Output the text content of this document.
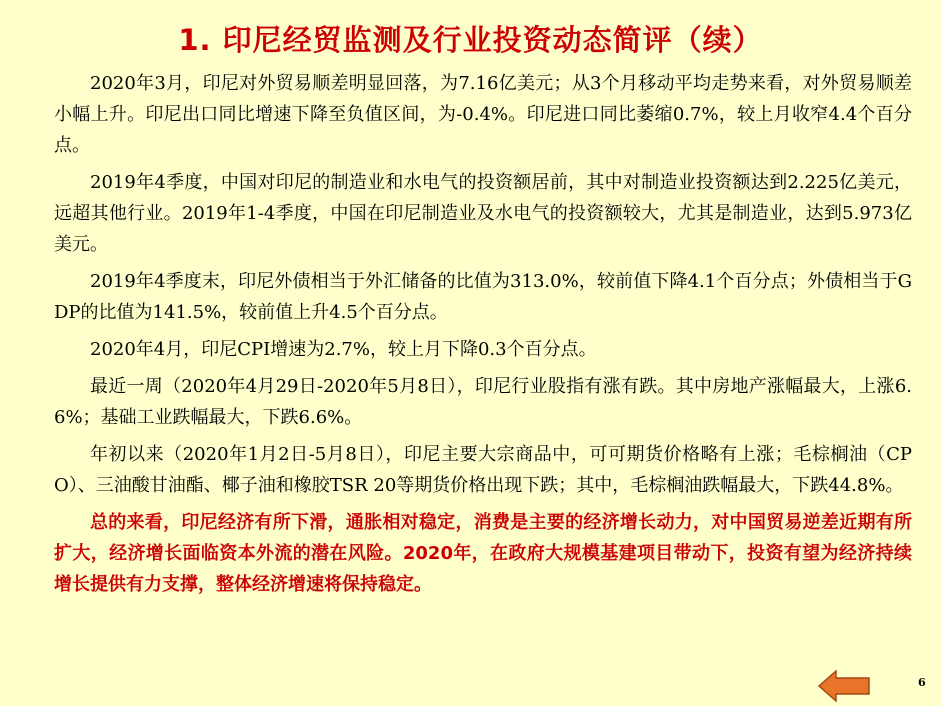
1. 印尼经贸监测及行业投资动态简评（续）

2020年3月，印尼对外贸易顺差明显回落，为7.16亿美元；从3个月移动平均走势来看，对外贸易顺差小幅上升。印尼出口同比增速下降至负值区间，为-0.4%。印尼进口同比萎缩0.7%，较上月收窄4.4个百分点。

2019年4季度，中国对印尼的制造业和水电气的投资额居前，其中对制造业投资额达到2.225亿美元，远超其他行业。2019年1-4季度，中国在印尼制造业及水电气的投资额较大，尤其是制造业，达到5.973亿美元。

2019年4季度末，印尼外债相当于外汇储备的比值为313.0%，较前值下降4.1个百分点；外债相当于GDP的比值为141.5%，较前值上升4.5个百分点。

2020年4月，印尼CPI增速为2.7%，较上月下降0.3个百分点。

最近一周（2020年4月29日-2020年5月8日），印尼行业股指有涨有跌。其中房地产涨幅最大，上涨6.6%；基础工业跌幅最大，下跌6.6%。

年初以来（2020年1月2日-5月8日），印尼主要大宗商品中，可可期货价格略有上涨；毛棕榈油（CPO）、三油酸甘油酯、椰子油和橡胶TSR 20等期货价格出现下跌；其中，毛棕榈油跌幅最大，下跌44.8%。

总的来看，印尼经济有所下滑，通胀相对稳定，消费是主要的经济增长动力，对中国贸易逆差近期有所扩大，经济增长面临资本外流的潜在风险。2020年，在政府大规模基建项目带动下，投资有望为经济持续增长提供有力支撑，整体经济增速将保持稳定。

6
